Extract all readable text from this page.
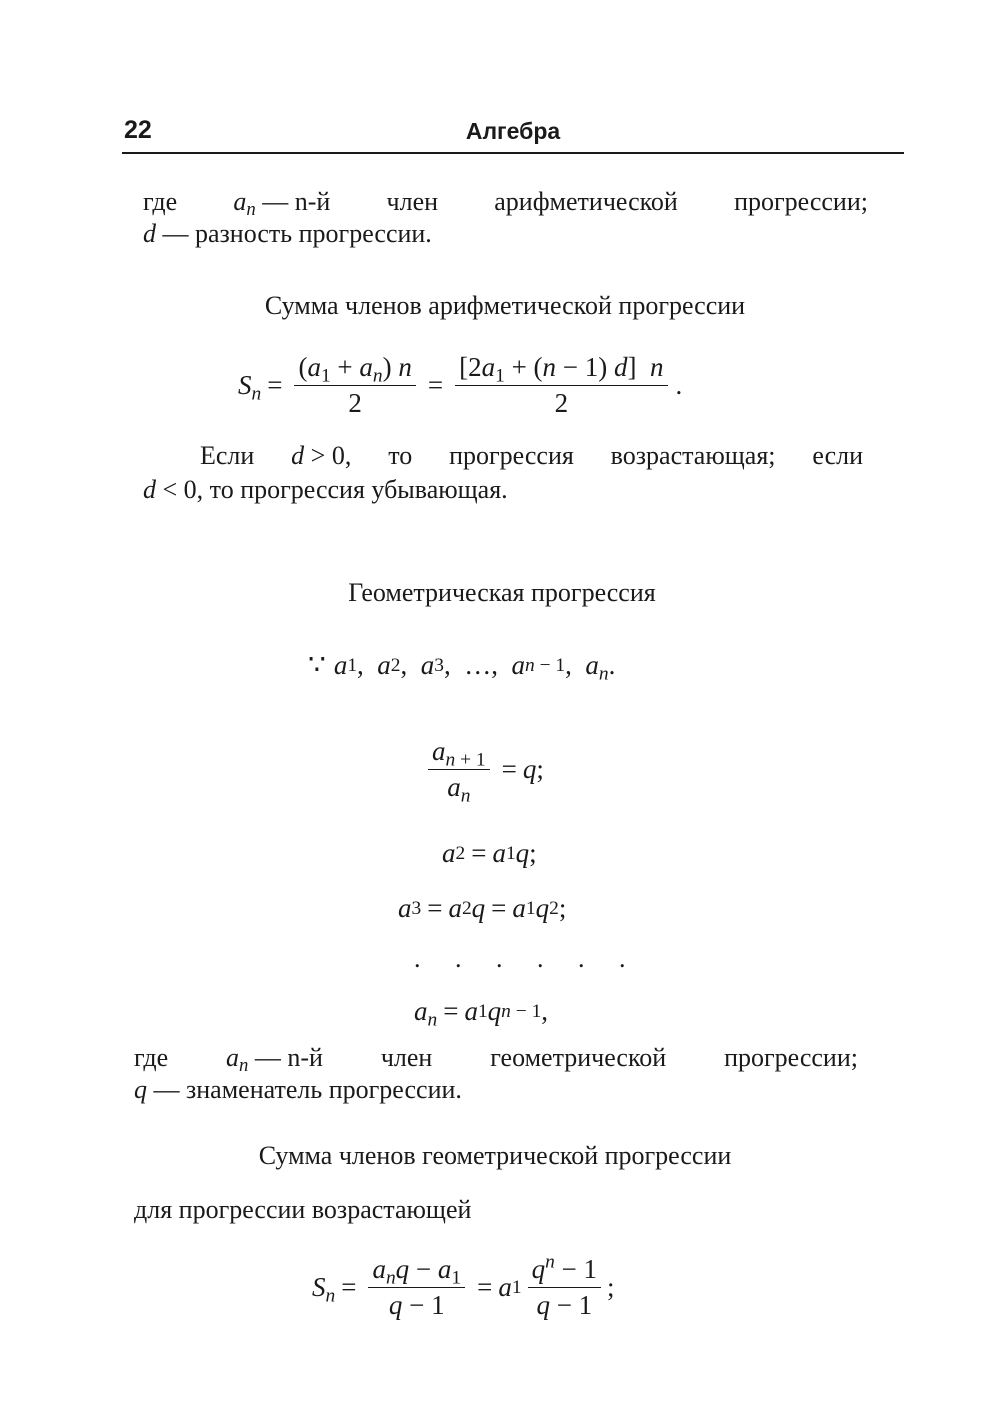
22	Алгебра
где $a_n$ — n-й член арифметической прогрессии;
d — разность прогрессии.
Сумма членов арифметической прогрессии
$S_n = \frac{(a_1 + a_n) n}{2} = \frac{[2a_1 + (n - 1) d] n}{2}$ .
Если d > 0, то прогрессия возрастающая; если
d < 0, то прогрессия убывающая.
Геометрическая прогрессия
∵ a 1 , a 2 , a 3 , … , a n − 1 , $a_n$ .
$\frac{a_{n + 1}}{a_n} = q$ ;
a 2 = a 1 q ;
a 3 = a 2 q = a 1 q 2 ;
. . . . . .
$a_n = a$ 1 q n − 1 ,
где $a_n$ — n-й член геометрической прогрессии;
q — знаменатель прогрессии.
Сумма членов геометрической прогрессии
для прогрессии возрастающей
$S_n = \frac{a_nq - a_1}{q - 1} = a$ $1 \frac{q^n - 1}{q - 1}$ ;
